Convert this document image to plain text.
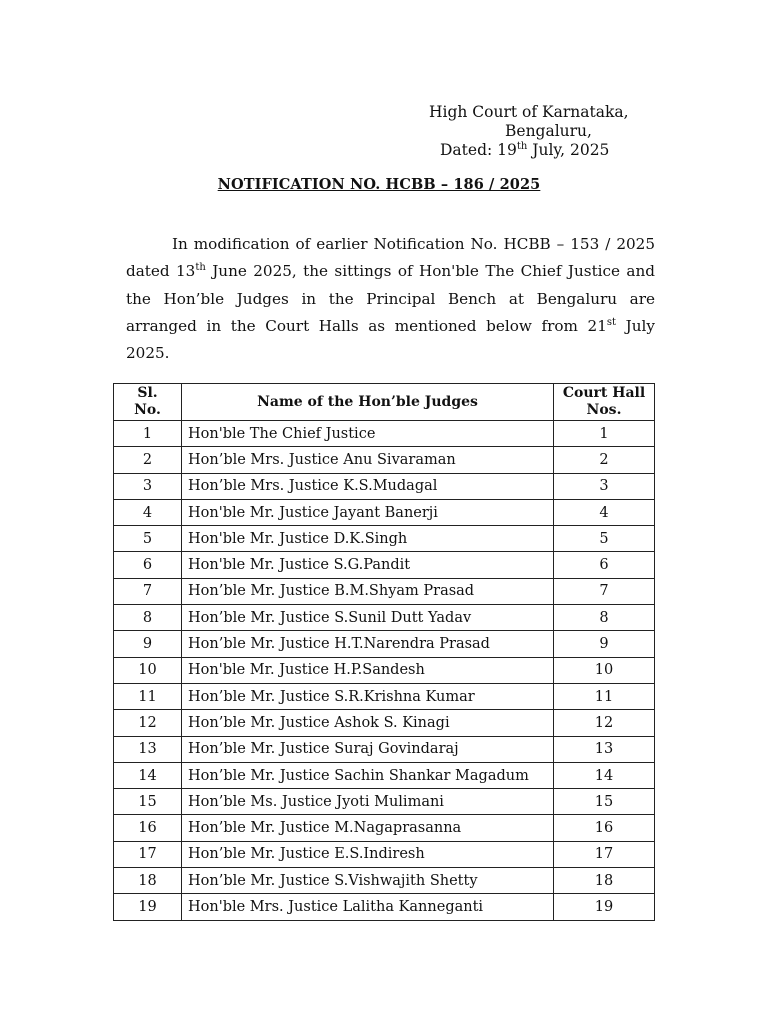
High Court of Karnataka,
Bengaluru,
Dated: 19th July, 2025
NOTIFICATION NO. HCBB – 186 / 2025

In modification of earlier Notification No. HCBB – 153 / 2025 dated 13th June 2025, the sittings of Hon'ble The Chief Justice and the Hon’ble Judges in the Principal Bench at Bengaluru are arranged in the Court Halls as mentioned below from 21st July 2025.

Sl.
No.	Name of the Hon’ble Judges	Court Hall
Nos.
1	Hon'ble The Chief Justice	1
2	Hon’ble Mrs. Justice Anu Sivaraman	2
3	Hon’ble Mrs. Justice K.S.Mudagal	3
4	Hon'ble Mr. Justice Jayant Banerji	4
5	Hon'ble Mr. Justice D.K.Singh	5
6	Hon'ble Mr. Justice S.G.Pandit	6
7	Hon’ble Mr. Justice B.M.Shyam Prasad	7
8	Hon’ble Mr. Justice S.Sunil Dutt Yadav	8
9	Hon’ble Mr. Justice H.T.Narendra Prasad	9
10	Hon'ble Mr. Justice H.P.Sandesh	10
11	Hon’ble Mr. Justice S.R.Krishna Kumar	11
12	Hon’ble Mr. Justice Ashok S. Kinagi	12
13	Hon’ble Mr. Justice Suraj Govindaraj	13
14	Hon’ble Mr. Justice Sachin Shankar Magadum	14
15	Hon’ble Ms. Justice Jyoti Mulimani	15
16	Hon’ble Mr. Justice M.Nagaprasanna	16
17	Hon’ble Mr. Justice E.S.Indiresh	17
18	Hon’ble Mr. Justice S.Vishwajith Shetty	18
19	Hon'ble Mrs. Justice Lalitha Kanneganti	19
